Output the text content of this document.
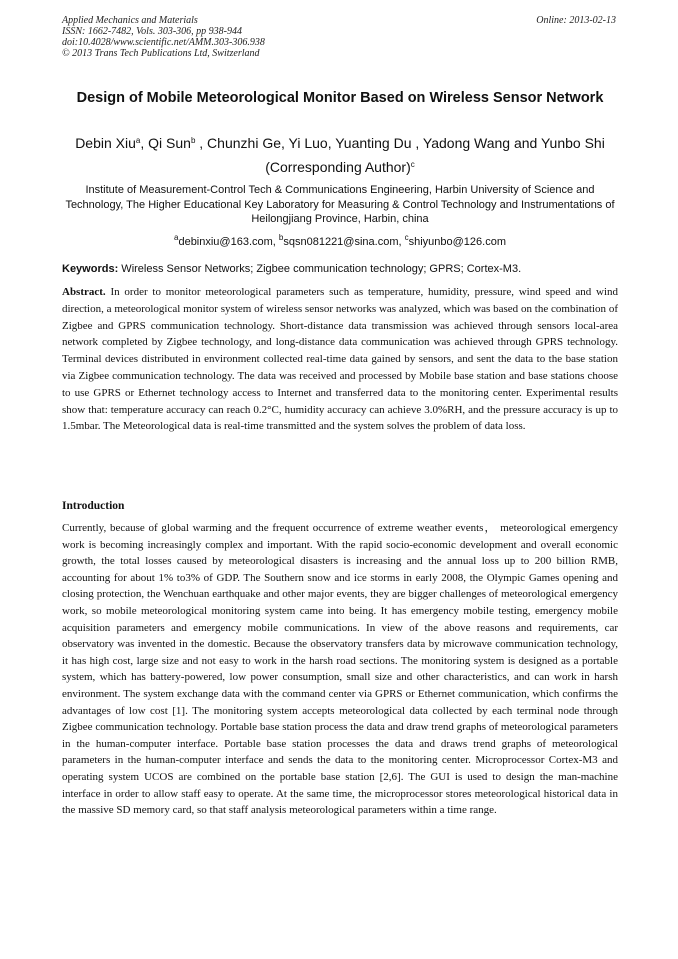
Applied Mechanics and Materials
ISSN: 1662-7482, Vols. 303-306, pp 938-944
doi:10.4028/www.scientific.net/AMM.303-306.938
© 2013 Trans Tech Publications Ltd, Switzerland
Online: 2013-02-13
Design of Mobile Meteorological Monitor Based on Wireless Sensor Network
Debin Xiu$^a$, Qi Sun$^b$ , Chunzhi Ge, Yi Luo, Yuanting Du , Yadong Wang and Yunbo Shi (Corresponding Author)$^c$
Institute of Measurement-Control Tech & Communications Engineering, Harbin University of Science and Technology, The Higher Educational Key Laboratory for Measuring & Control Technology and Instrumentations of Heilongjiang Province, Harbin, china
$^a$debinxiu@163.com, $^b$sqsn081221@sina.com, $^c$shiyunbo@126.com
Keywords: Wireless Sensor Networks; Zigbee communication technology; GPRS; Cortex-M3.
Abstract. In order to monitor meteorological parameters such as temperature, humidity, pressure, wind speed and wind direction, a meteorological monitor system of wireless sensor networks was analyzed, which was based on the combination of Zigbee and GPRS communication technology. Short-distance data transmission was achieved through sensors local-area network completed by Zigbee technology, and long-distance data communication was achieved through GPRS technology. Terminal devices distributed in environment collected real-time data gained by sensors, and sent the data to the base station via Zigbee communication technology. The data was received and processed by Mobile base station and base stations choose to use GPRS or Ethernet technology access to Internet and transferred data to the monitoring center. Experimental results show that: temperature accuracy can reach 0.2°C, humidity accuracy can achieve 3.0%RH, and the pressure accuracy is up to 1.5mbar. The Meteorological data is real-time transmitted and the system solves the problem of data loss.
Introduction
Currently, because of global warming and the frequent occurrence of extreme weather events， meteorological emergency work is becoming increasingly complex and important. With the rapid socio-economic development and overall economic growth, the total losses caused by meteorological disasters is increasing and the annual loss up to 200 billion RMB, accounting for about 1% to3% of GDP. The Southern snow and ice storms in early 2008, the Olympic Games opening and closing protection, the Wenchuan earthquake and other major events, they are bigger challenges of meteorological emergency work, so mobile meteorological monitoring system came into being. It has emergency mobile testing, emergency mobile acquisition parameters and emergency mobile communications. In view of the above reasons and requirements, car observatory was invented in the domestic. Because the observatory transfers data by microwave communication technology, it has high cost, large size and not easy to work in the harsh road sections. The monitoring system is designed as a portable system, which has battery-powered, low power consumption, small size and other characteristics, and can work in harsh environment. The system exchange data with the command center via GPRS or Ethernet communication, which confirms the advantages of low cost [1]. The monitoring system accepts meteorological data collected by each terminal node through Zigbee communication technology. Portable base station process the data and draw trend graphs of meteorological parameters in the human-computer interface. Portable base station processes the data and draws trend graphs of meteorological parameters in the human-computer interface and sends the data to the monitoring center. Microprocessor Cortex-M3 and operating system UCOS are combined on the portable base station [2,6]. The GUI is used to design the man-machine interface in order to allow staff easy to operate. At the same time, the microprocessor stores meteorological historical data in the massive SD memory card, so that staff analysis meteorological parameters within a time range.
